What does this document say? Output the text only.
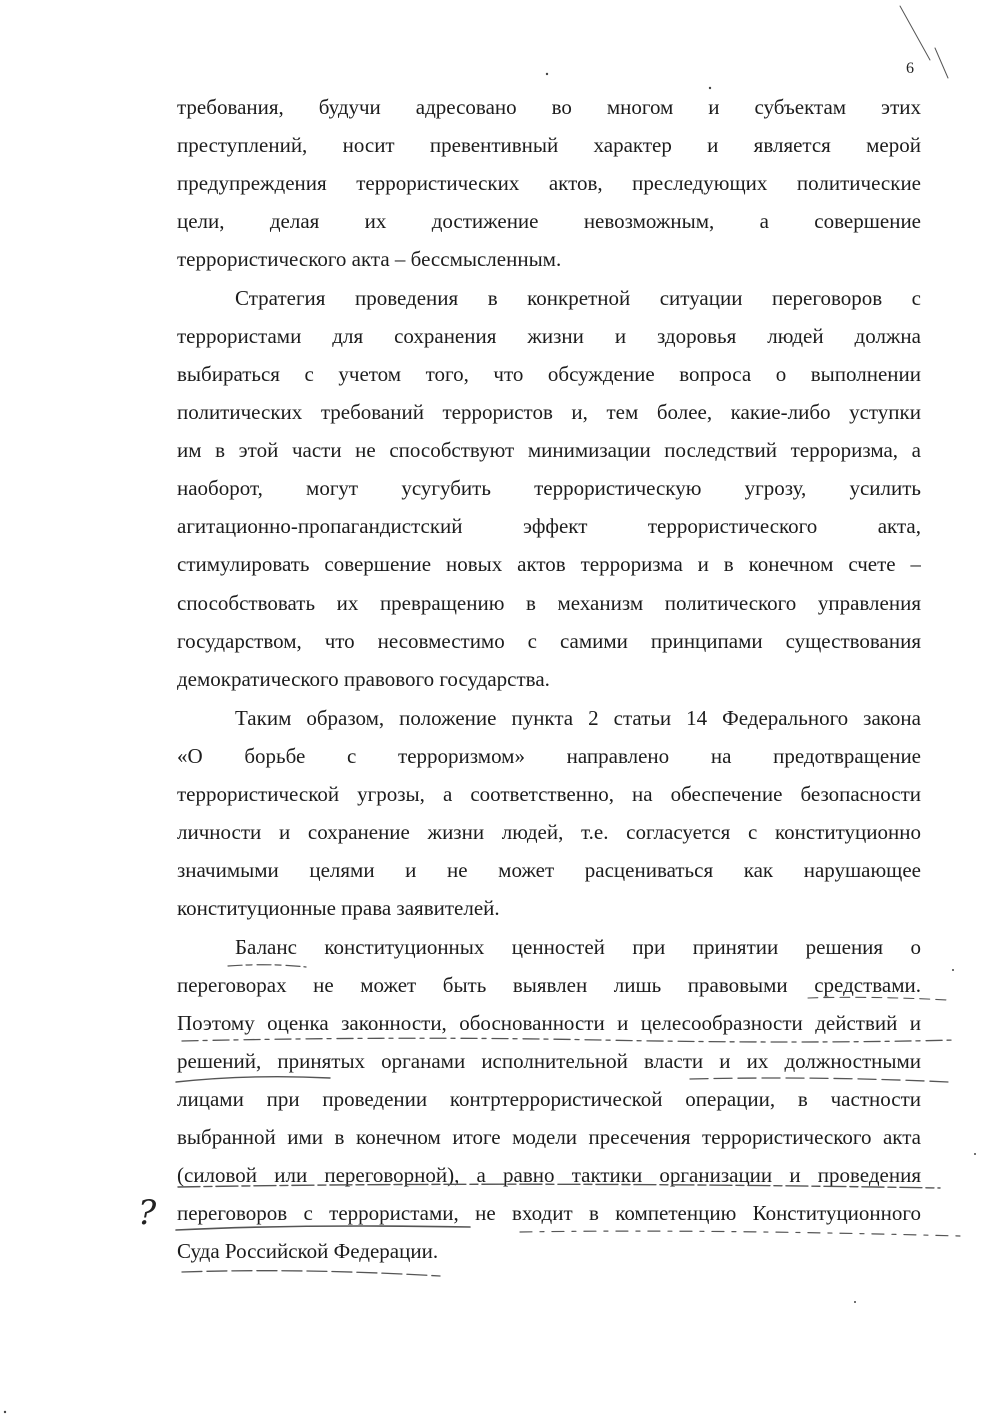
6
требования, будучи адресовано во многом и субъектам этих
преступлений, носит превентивный характер и является мерой
предупреждения террористических актов, преследующих политические
цели, делая их достижение невозможным, а совершение
террористического акта – бессмысленным.
Стратегия проведения в конкретной ситуации переговоров с
террористами для сохранения жизни и здоровья людей должна
выбираться с учетом того, что обсуждение вопроса о выполнении
политических требований террористов и, тем более, какие-либо уступки
им в этой части не способствуют минимизации последствий терроризма, а
наоборот, могут усугубить террористическую угрозу, усилить
агитационно-пропагандистский эффект террористического акта,
стимулировать совершение новых актов терроризма и в конечном счете –
способствовать их превращению в механизм политического управления
государством, что несовместимо с самими принципами существования
демократического правового государства.
Таким образом, положение пункта 2 статьи 14 Федерального закона
«О борьбе с терроризмом» направлено на предотвращение
террористической угрозы, а соответственно, на обеспечение безопасности
личности и сохранение жизни людей, т.е. согласуется с конституционно
значимыми целями и не может расцениваться как нарушающее
конституционные права заявителей.
Баланс конституционных ценностей при принятии решения о
переговорах не может быть выявлен лишь правовыми средствами.
Поэтому оценка законности, обоснованности и целесообразности действий и
решений, принятых органами исполнительной власти и их должностными
лицами при проведении контртеррористической операции, в частности
выбранной ими в конечном итоге модели пресечения террористического акта
(силовой или переговорной), а равно тактики организации и проведения
переговоров с террористами, не входит в компетенцию Конституционного
Суда Российской Федерации.
?
